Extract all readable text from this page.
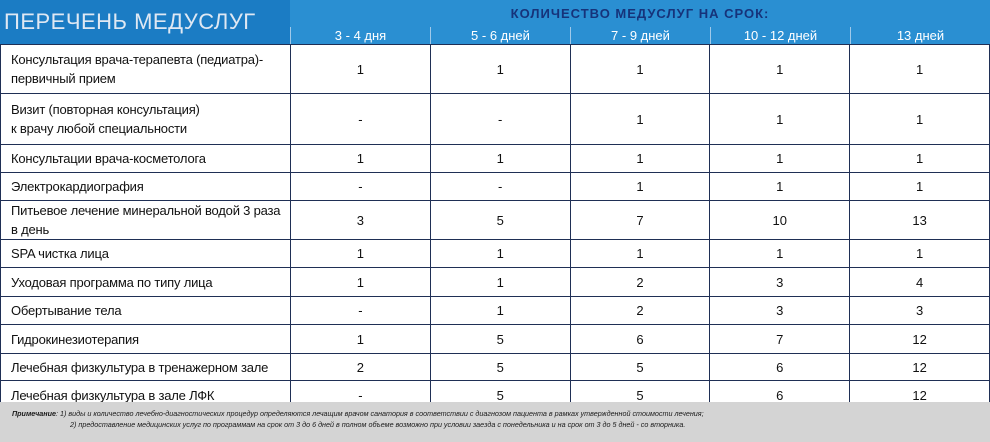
ПЕРЕЧЕНЬ МЕДУСЛУГ	КОЛИЧЕСТВО МЕДУСЛУГ НА СРОК:
3 - 4 дня	5 - 6 дней	7 - 9 дней	10 - 12 дней	13 дней
Консультация врача-терапевта (педиатра)-
первичный прием	1	1	1	1	1
Визит (повторная консультация)
к врачу любой специальности	-	-	1	1	1
Консультации врача-косметолога	1	1	1	1	1
Электрокардиография	-	-	1	1	1
Питьевое лечение минеральной водой 3 раза в день	3	5	7	10	13
SPA чистка лица	1	1	1	1	1
Уходовая программа по типу лица	1	1	2	3	4
Обертывание тела	-	1	2	3	3
Гидрокинезиотерапия	1	5	6	7	12
Лечебная физкультура в тренажерном зале	2	5	5	6	12
Лечебная физкультура в зале ЛФК	-	5	5	6	12
Примечание: 1) виды и количество лечебно-диагностических процедур определяются лечащим врачом санатория в соответствии с диагнозом пациента в рамках утвержденной стоимости лечения;
2) предоставление медицинских услуг по программам на срок от 3 до 6 дней в полном объеме возможно при условии заезда с понедельника и на срок от 3 до 5 дней - со вторника.
